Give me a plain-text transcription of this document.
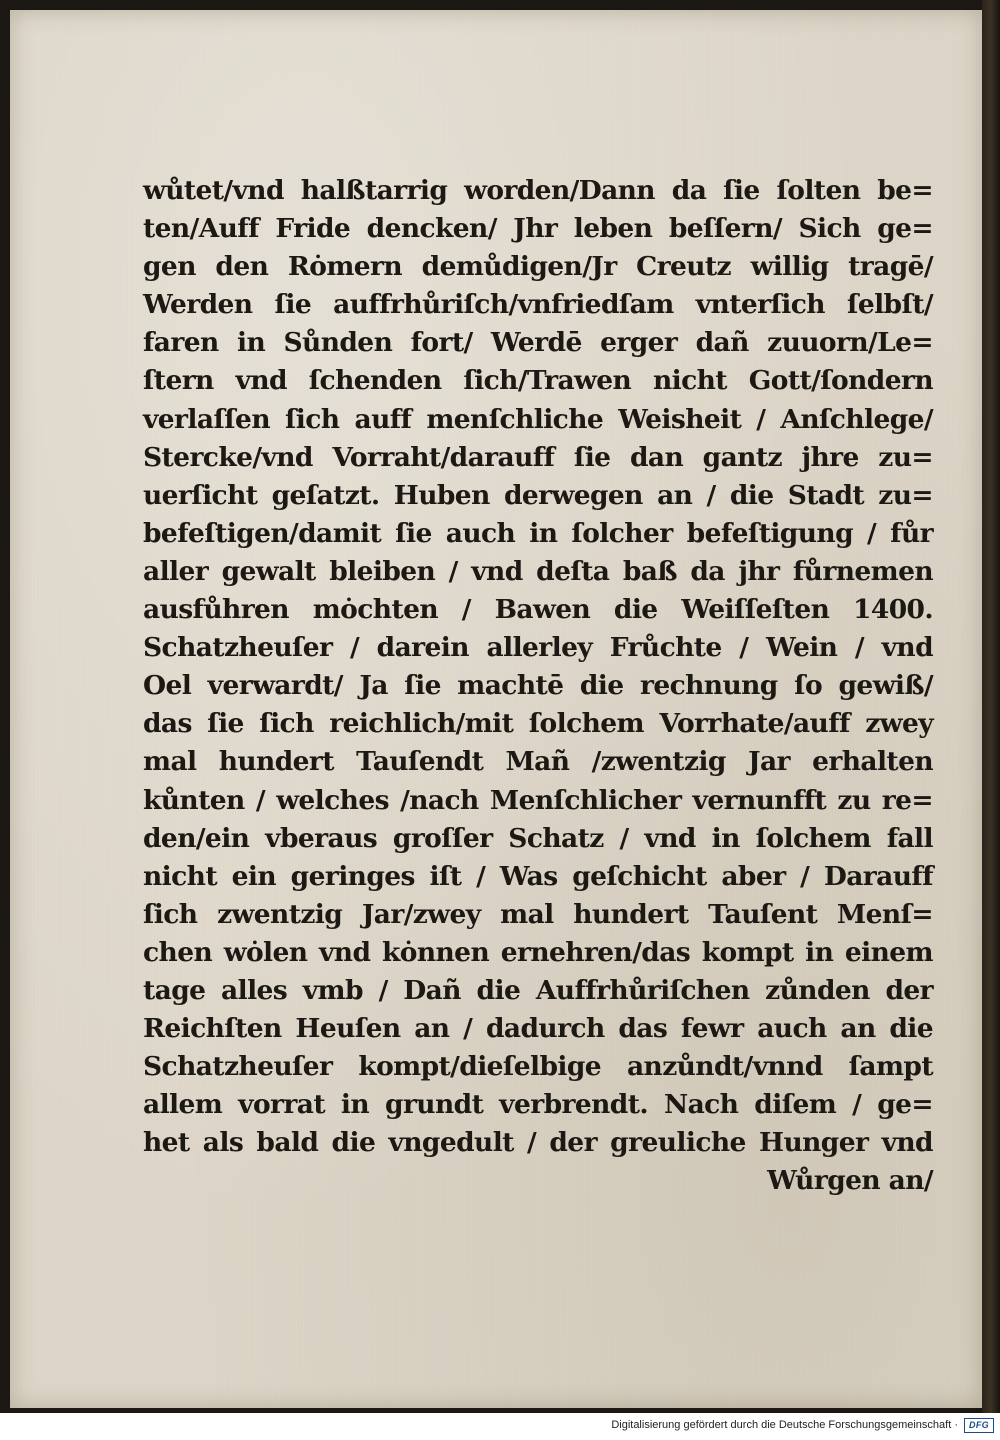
wůtet/vnd halßtarrig worden/Dann da ſie ſolten be=
ten/Auff Fride dencken/ Jhr leben beſſern/ Sich ge=
gen den Rȯmern demůdigen/Jr Creutz willig tragē/
Werden ſie auffrhůriſch/vnfriedſam vnterſich ſelbſt/
faren in Sůnden fort/ Werdē erger dañ zuuorn/Le=
ſtern vnd ſchenden ſich/Trawen nicht Gott/ſondern
verlaſſen ſich auff menſchliche Weisheit / Anſchlege/
Stercke/vnd Vorraht/darauff ſie dan gantz jhre zu=
uerſicht geſatzt. Huben derwegen an / die Stadt zu=
befeſtigen/damit ſie auch in ſolcher befeſtigung / fůr
aller gewalt bleiben / vnd deſta baß da jhr fůrnemen
ausfůhren mȯchten / Bawen die Weiſſeſten 1400.
Schatzheuſer / darein allerley Frůchte / Wein / vnd
Oel verwardt/ Ja ſie machtē die rechnung ſo gewiß/
das ſie ſich reichlich/mit ſolchem Vorrhate/auff zwey
mal hundert Tauſendt Mañ /zwentzig Jar erhalten
kůnten / welches /nach Menſchlicher vernunfft zu re=
den/ein vberaus groſſer Schatz / vnd in ſolchem fall
nicht ein geringes iſt / Was geſchicht aber / Darauff
ſich zwentzig Jar/zwey mal hundert Tauſent Menſ=
chen wȯlen vnd kȯnnen ernehren/das kompt in einem
tage alles vmb / Dañ die Auffrhůriſchen zůnden der
Reichſten Heuſen an / dadurch das fewr auch an die
Schatzheuſer kompt/dieſelbige anzůndt/vnnd ſampt
allem vorrat in grundt verbrendt. Nach diſem / ge=
het als bald die vngedult / der greuliche Hunger vnd
Wůrgen an/
Digitalisierung gefördert durch die Deutsche Forschungsgemeinschaft ·	DFG
